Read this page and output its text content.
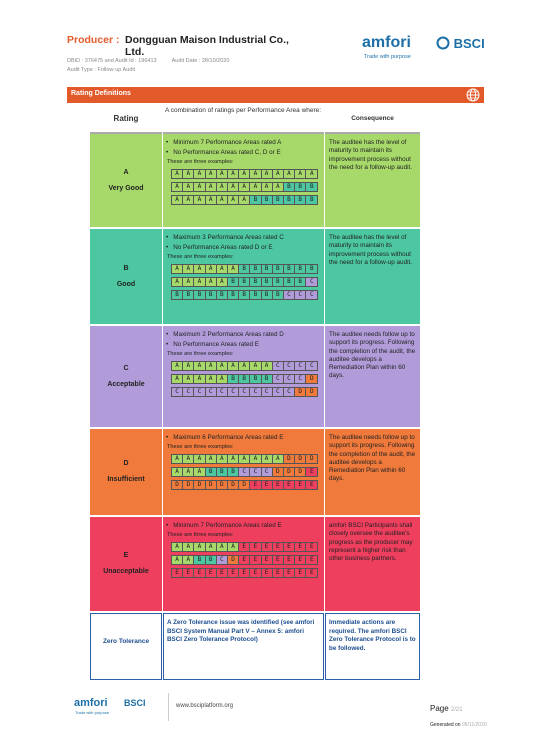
Producer : Dongguan Maison Industrial Co., Ltd.
DBID : 376475 and Audit Id : 196413	Audit Date : 28/10/2020
Audit Type : Follow-up Audit
amfori	BSCI
Trade with purpose
Rating Definitions
Rating
A combination of ratings per Performance Area where:
Consequence
A
Very Good
• Minimum 7 Performance Areas rated A
• No Performance Areas rated C, D or E
These are three examples:
A	A	A	A	A	A	A	A	A	A	A	A	A
A	A	A	A	A	A	A	A	A	A	B	B	B
A	A	A	A	A	A	A	B	B	B	B	B	B
The auditee has the level of maturity to maintain its improvement process without the need for a follow-up audit.
B
Good
• Maximum 3 Performance Areas rated C
• No Performance Areas rated D or E
These are three examples:
A	A	A	A	A	A	B	B	B	B	B	B	B
A	A	A	A	A	B	B	B	B	B	B	B	C
B	B	B	B	B	B	B	B	B	B	C	C	C
The auditee has the level of maturity to maintain its improvement process without the need for a follow-up audit.
C
Acceptable
• Maximum 2 Performance Areas rated D
• No Performance Areas rated E
These are three examples:
A	A	A	A	A	A	A	A	A	C	C	C	C
A	A	A	A	A	B	B	B	B	C	C	C	D
C	C	C	C	C	C	C	C	C	C	C	D	D
The auditee needs follow up to support its progress. Following the completion of the audit, the auditee develops a Remediation Plan within 60 days.
D
Insufficient
• Maximum 6 Performance Areas rated E
These are three examples:
A	A	A	A	A	A	A	A	A	A	D	D	D
A	A	A	B	B	B	C	C	C	D	D	D	E
D	D	D	D	D	D	D	E	E	E	E	E	E
The auditee needs follow up to support its progress. Following the completion of the audit, the auditee develops a Remediation Plan within 60 days.
E
Unacceptable
• Minimum 7 Performance Areas rated E
These are three examples:
A	A	A	A	A	A	E	E	E	E	E	E	E
A	A	B	B	C	D	E	E	E	E	E	E	E
E	E	E	E	E	E	E	E	E	E	E	E	E
amfori BSCI Participants shall closely oversee the auditee's progress as the producer may represent a higher risk than other business partners.
Zero Tolerance
A Zero Tolerance issue was identified (see amfori BSCI System Manual Part V – Annex 5: amfori BSCI Zero Tolerance Protocol)
Immediate actions are required. The amfori BSCI Zero Tolerance Protocol is to be followed.
amfori BSCI
Trade with purpose
www.bsciplatform.org	Page 2/21
Generated on 05/11/2020
